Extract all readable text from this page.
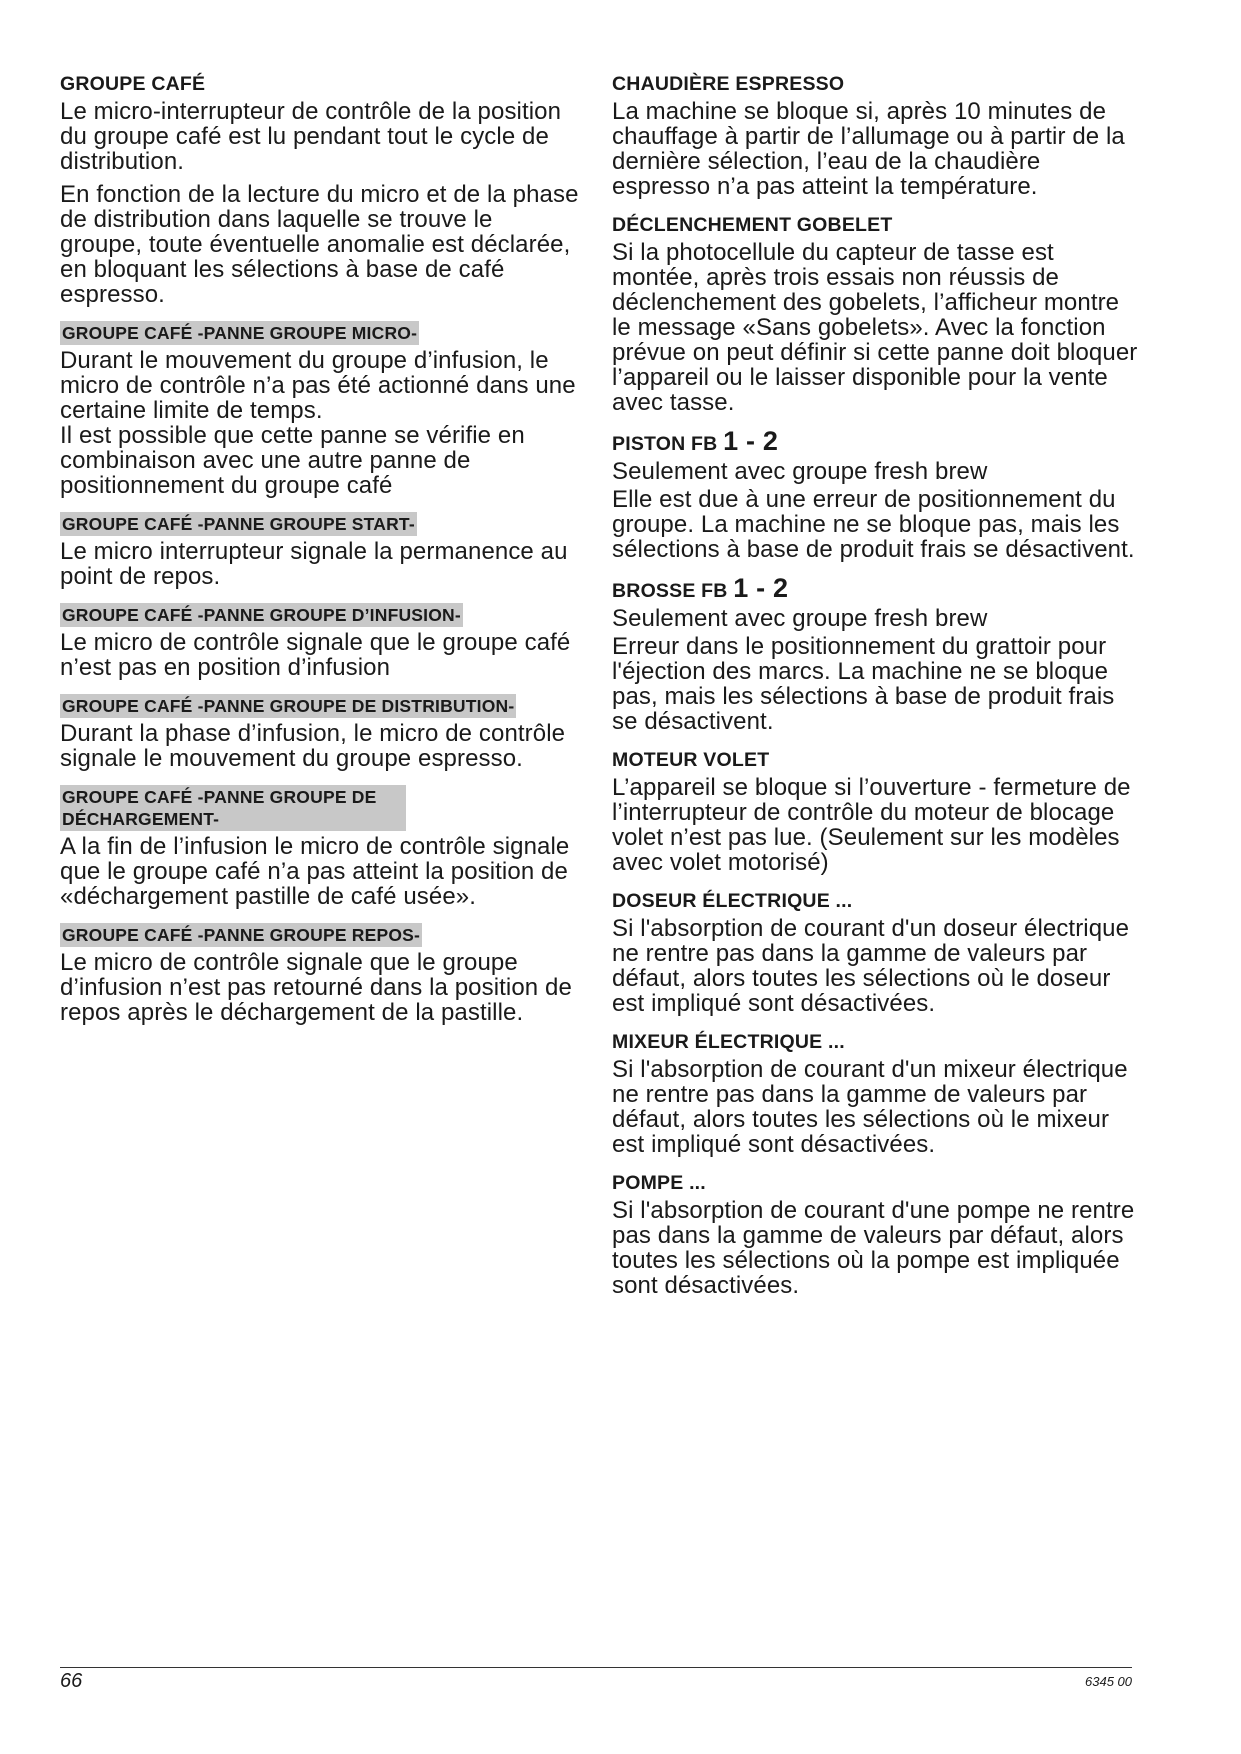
GROUPE CAFÉ

Le micro-interrupteur de contrôle de la position du groupe café est lu pendant tout le cycle de distribution.

En fonction de la lecture du micro et de la phase de distribution dans laquelle se trouve le groupe, toute éventuelle anomalie est déclarée, en bloquant les sélections à base de café espresso.

GROUPE CAFÉ -PANNE GROUPE MICRO-

Durant le mouvement du groupe d’infusion, le micro de contrôle n’a pas été actionné dans une certaine limite de temps.

Il est possible que cette panne se vérifie en combinaison avec une autre panne de positionnement du groupe café

GROUPE CAFÉ -PANNE GROUPE START-

Le micro interrupteur signale la permanence au point de repos.

GROUPE CAFÉ -PANNE GROUPE D’INFUSION-

Le micro de contrôle signale que le groupe café n’est pas en position d’infusion

GROUPE CAFÉ -PANNE GROUPE DE DISTRIBUTION-

Durant la phase d’infusion, le micro de contrôle signale le mouvement du groupe espresso.

GROUPE CAFÉ -PANNE GROUPE DE DÉCHARGEMENT-

A la fin de l’infusion le micro de contrôle signale que le groupe café n’a pas atteint la position de «déchargement pastille de café usée».

GROUPE CAFÉ -PANNE GROUPE REPOS-

Le micro de contrôle signale que le groupe d’infusion n’est pas retourné dans la position de repos après le déchargement de la pastille.

CHAUDIÈRE ESPRESSO

La machine se bloque si, après 10 minutes de chauffage à partir de l’allumage ou à partir de la dernière sélection, l’eau de la chaudière espresso n’a pas atteint la température.

DÉCLENCHEMENT GOBELET

Si la photocellule du capteur de tasse est montée, après trois essais non réussis de déclenchement des gobelets, l’afficheur montre le message «Sans gobelets». Avec la fonction prévue on peut définir si cette panne doit bloquer l’appareil ou le laisser disponible pour la vente avec tasse.

PISTON FB 1 - 2

Seulement avec groupe fresh brew

Elle est due à une erreur de positionnement du groupe. La machine ne se bloque pas, mais les sélections à base de produit frais se désactivent.

BROSSE FB 1 - 2

Seulement avec groupe fresh brew

Erreur dans le positionnement du grattoir pour l'éjection des marcs. La machine ne se bloque pas, mais les sélections à base de produit frais se désactivent.

MOTEUR VOLET

L’appareil se bloque si l’ouverture - fermeture de l’interrupteur de contrôle du moteur de blocage volet n’est pas lue. (Seulement sur les modèles avec volet motorisé)

DOSEUR ÉLECTRIQUE ...

Si l'absorption de courant d'un doseur électrique ne rentre pas dans la gamme de valeurs par défaut, alors toutes les sélections où le doseur est impliqué sont désactivées.

MIXEUR ÉLECTRIQUE ...

Si l'absorption de courant d'un mixeur électrique ne rentre pas dans la gamme de valeurs par défaut, alors toutes les sélections où le mixeur est impliqué sont désactivées.

POMPE ...

Si l'absorption de courant d'une pompe ne rentre pas dans la gamme de valeurs par défaut, alors toutes les sélections où la pompe est impliquée sont désactivées.

66	6345 00
